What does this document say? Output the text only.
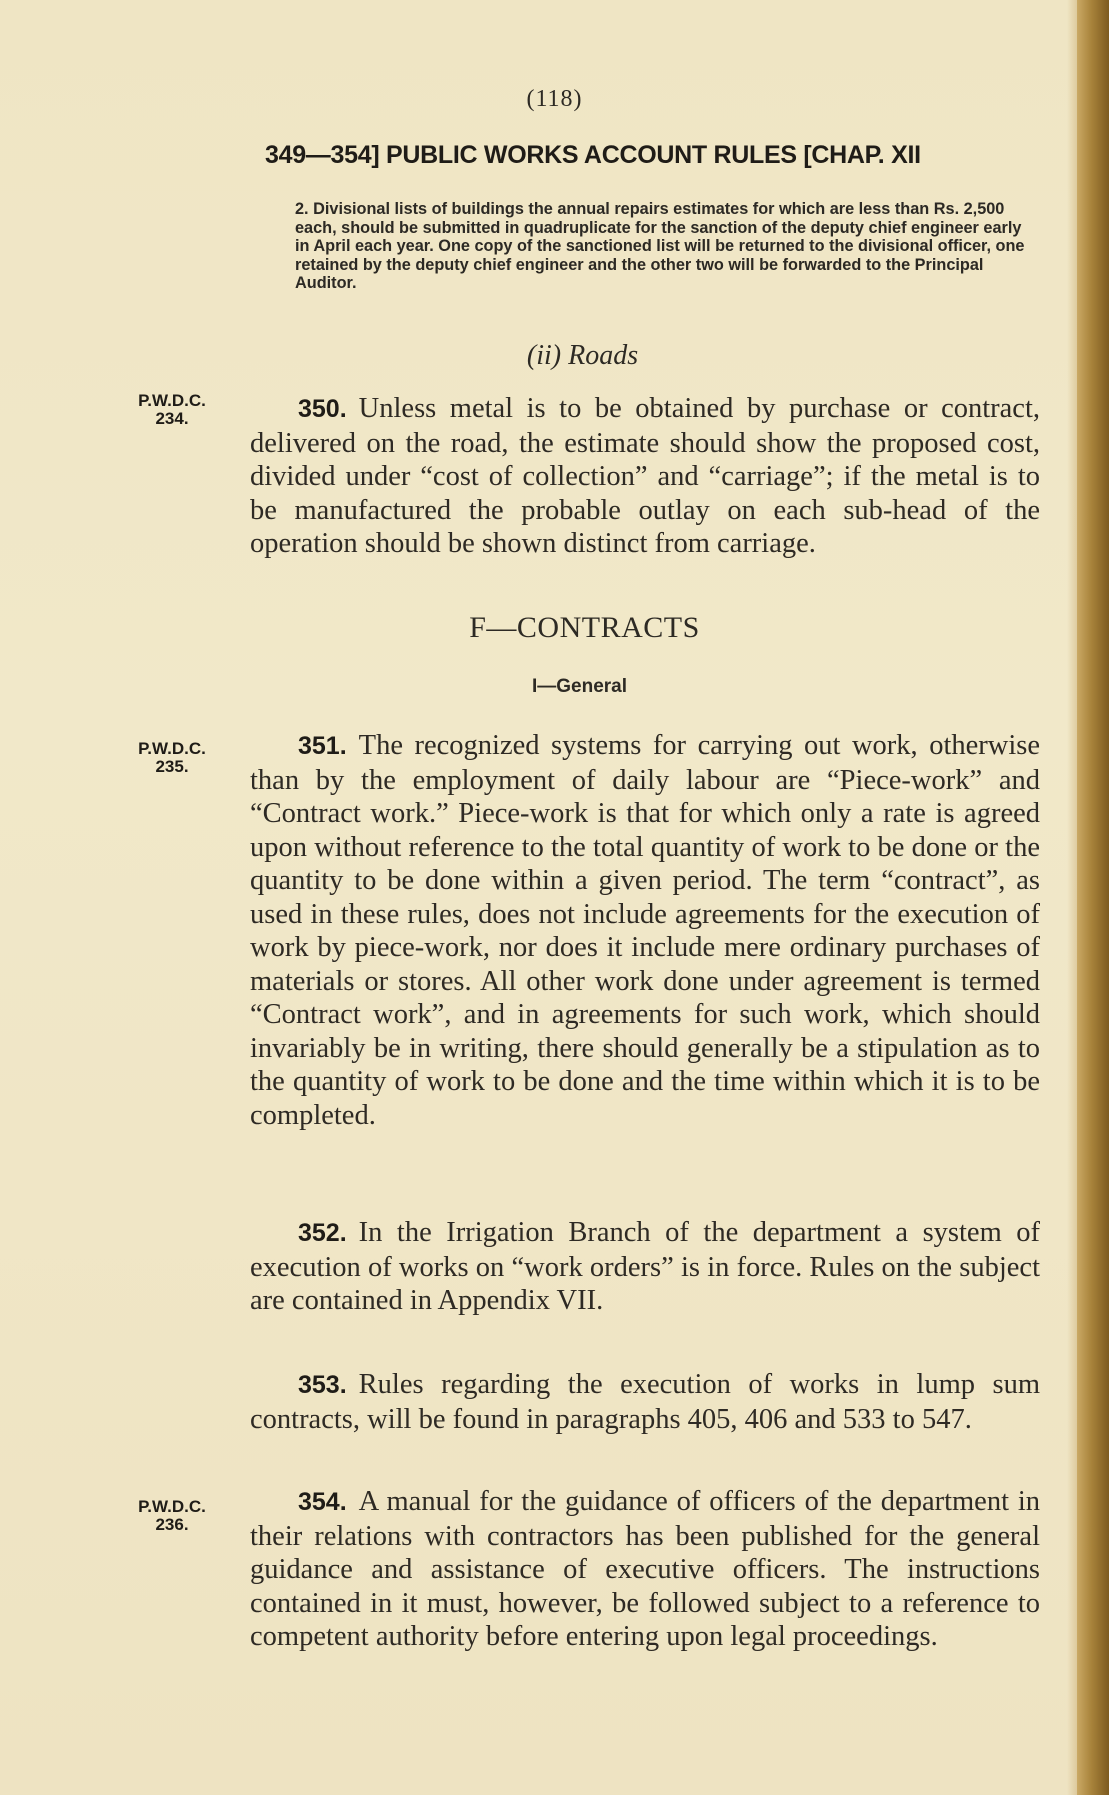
(118)
349—354] PUBLIC WORKS ACCOUNT RULES [CHAP. XII
2. Divisional lists of buildings the annual repairs estimates for which are less than Rs. 2,500 each, should be submitted in quadruplicate for the sanction of the deputy chief engineer early in April each year. One copy of the sanctioned list will be returned to the divisional officer, one retained by the deputy chief engineer and the other two will be forwarded to the Principal Auditor.
(ii) Roads
P.W.D.C.
234.	350. Unless metal is to be obtained by purchase or contract, delivered on the road, the estimate should show the proposed cost, divided under “cost of collection” and “carriage”; if the metal is to be manufactured the probable outlay on each sub-head of the operation should be shown distinct from carriage.
F—CONTRACTS
I—General
P.W.D.C.
235.
351. The recognized systems for carrying out work, otherwise than by the employment of daily labour are “Piece-work” and “Contract work.” Piece-work is that for which only a rate is agreed upon without reference to the total quantity of work to be done or the quantity to be done within a given period. The term “contract”, as used in these rules, does not include agreements for the execution of work by piece-work, nor does it include mere ordinary purchases of materials or stores. All other work done under agreement is termed “Contract work”, and in agreements for such work, which should invariably be in writing, there should generally be a stipulation as to the quantity of work to be done and the time within which it is to be completed.
352. In the Irrigation Branch of the department a system of execution of works on “work orders” is in force. Rules on the subject are contained in Appendix VII.
353. Rules regarding the execution of works in lump sum contracts, will be found in paragraphs 405, 406 and 533 to 547.
P.W.D.C.
236.
354. A manual for the guidance of officers of the department in their relations with contractors has been published for the general guidance and assistance of executive officers. The instructions contained in it must, however, be followed subject to a reference to competent authority before entering upon legal proceedings.
